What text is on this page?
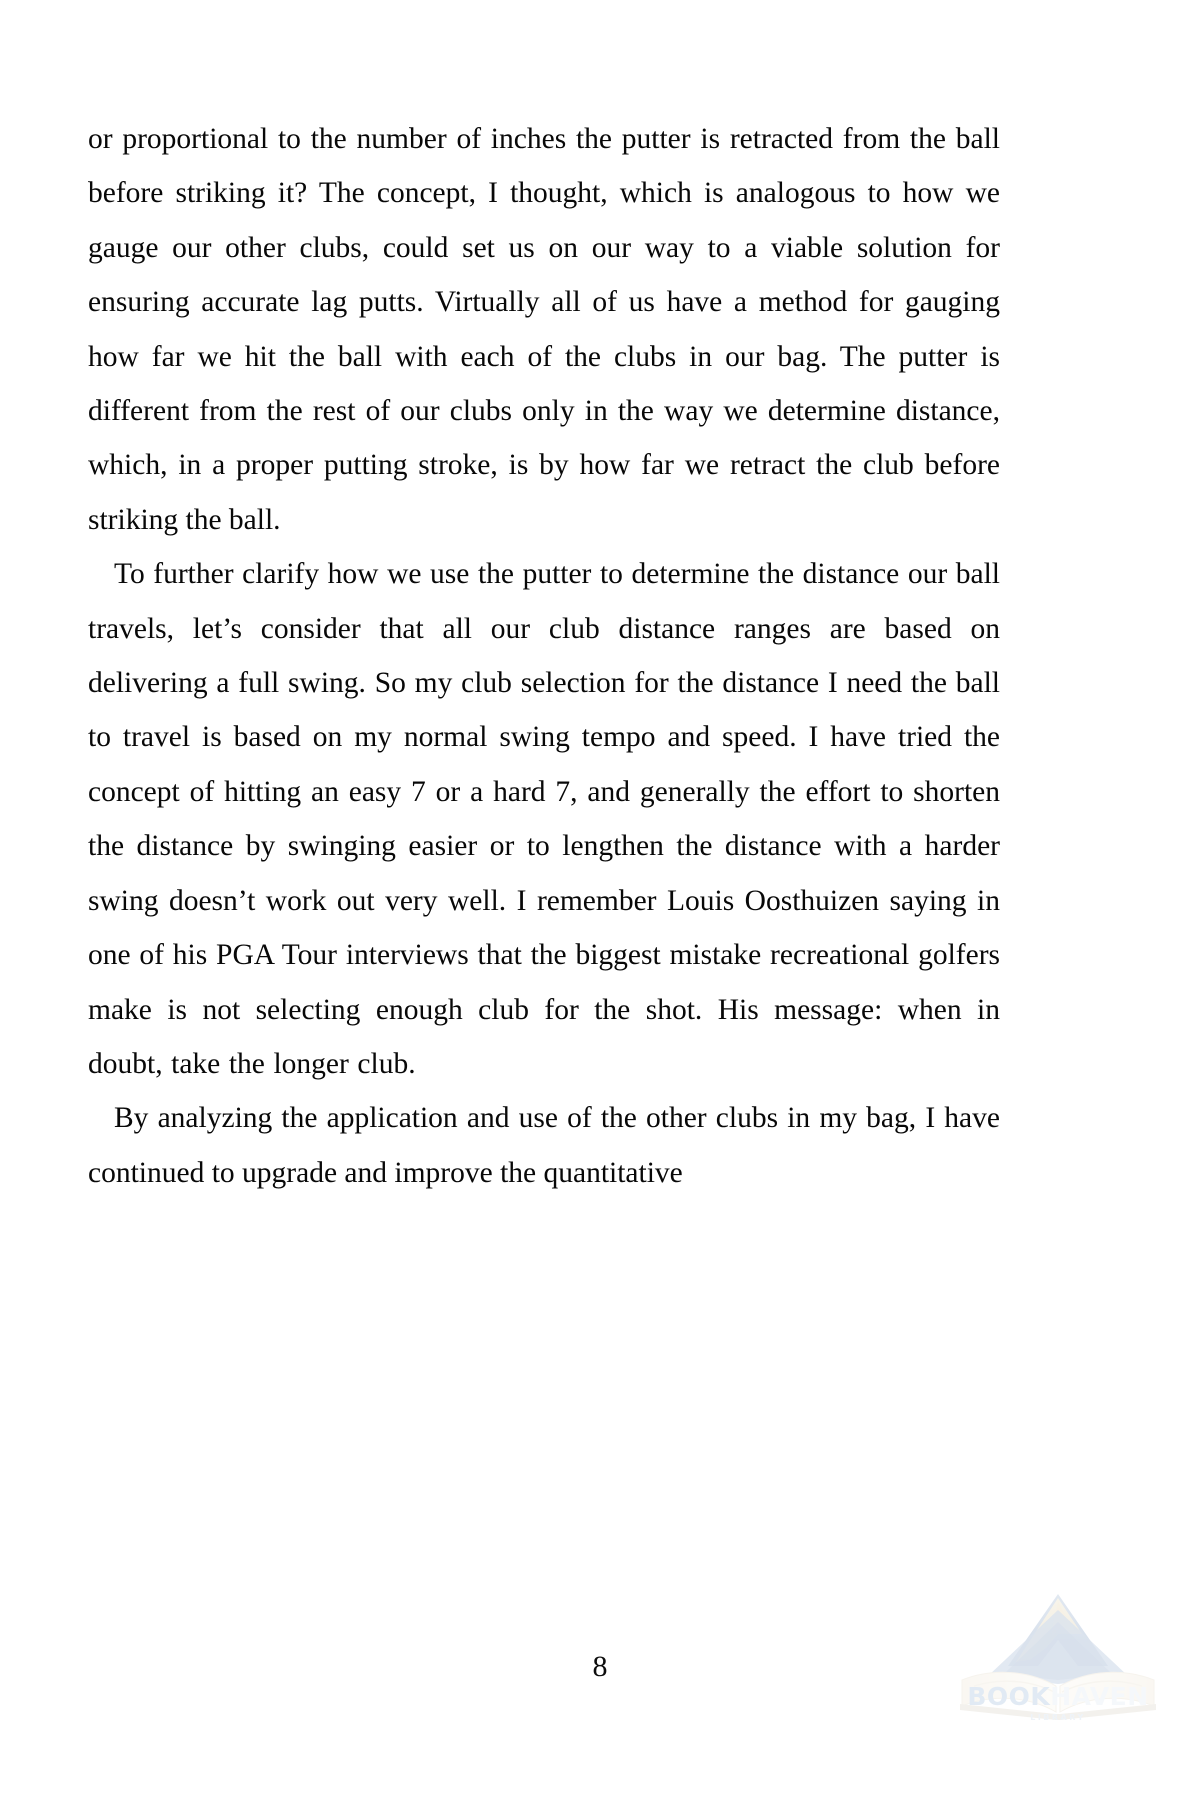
or proportional to the number of inches the putter is retracted from the ball before striking it? The concept, I thought, which is analogous to how we gauge our other clubs, could set us on our way to a viable solution for ensuring accurate lag putts. Virtually all of us have a method for gauging how far we hit the ball with each of the clubs in our bag. The putter is different from the rest of our clubs only in the way we determine distance, which, in a proper putting stroke, is by how far we retract the club before striking the ball.

To further clarify how we use the putter to determine the distance our ball travels, let’s consider that all our club distance ranges are based on delivering a full swing. So my club selection for the distance I need the ball to travel is based on my normal swing tempo and speed. I have tried the concept of hitting an easy 7 or a hard 7, and generally the effort to shorten the distance by swinging easier or to lengthen the distance with a harder swing doesn’t work out very well. I remember Louis Oosthuizen saying in one of his PGA Tour interviews that the biggest mistake recreational golfers make is not selecting enough club for the shot. His message: when in doubt, take the longer club.

By analyzing the application and use of the other clubs in my bag, I have continued to upgrade and improve the quantitative

8
BOOKHAVEN
LIBRARY
